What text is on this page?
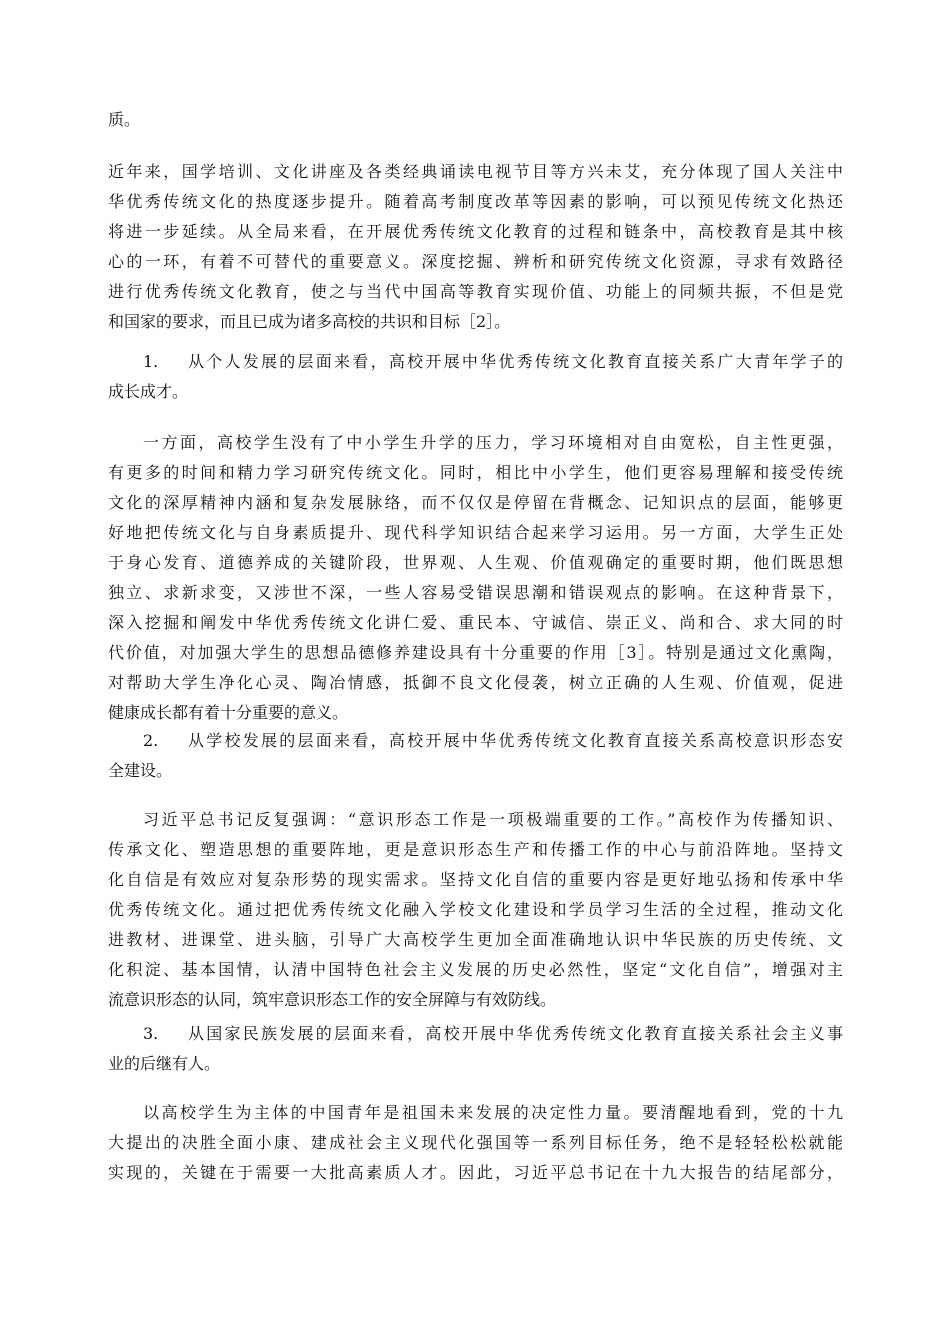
质。
近年来，国学培训、文化讲座及各类经典诵读电视节目等方兴未艾，充分体现了国人关注中
华优秀传统文化的热度逐步提升。随着高考制度改革等因素的影响，可以预见传统文化热还
将进一步延续。从全局来看，在开展优秀传统文化教育的过程和链条中，高校教育是其中核
心的一环，有着不可替代的重要意义。深度挖掘、辨析和研究传统文化资源，寻求有效路径
进行优秀传统文化教育，使之与当代中国高等教育实现价值、功能上的同频共振，不但是党
和国家的要求，而且已成为诸多高校的共识和目标［2］。
1.	从个人发展的层面来看，高校开展中华优秀传统文化教育直接关系广大青年学子的
成长成才。
一方面，高校学生没有了中小学生升学的压力，学习环境相对自由宽松，自主性更强，
有更多的时间和精力学习研究传统文化。同时，相比中小学生，他们更容易理解和接受传统
文化的深厚精神内涵和复杂发展脉络，而不仅仅是停留在背概念、记知识点的层面，能够更
好地把传统文化与自身素质提升、现代科学知识结合起来学习运用。另一方面，大学生正处
于身心发育、道德养成的关键阶段，世界观、人生观、价值观确定的重要时期，他们既思想
独立、求新求变，又涉世不深，一些人容易受错误思潮和错误观点的影响。在这种背景下，
深入挖掘和阐发中华优秀传统文化讲仁爱、重民本、守诚信、崇正义、尚和合、求大同的时
代价值，对加强大学生的思想品德修养建设具有十分重要的作用［3］。特别是通过文化熏陶，
对帮助大学生净化心灵、陶冶情感，抵御不良文化侵袭，树立正确的人生观、价值观，促进
健康成长都有着十分重要的意义。
2.	从学校发展的层面来看，高校开展中华优秀传统文化教育直接关系高校意识形态安
全建设。
习近平总书记反复强调：“意识形态工作是一项极端重要的工作。”高校作为传播知识、
传承文化、塑造思想的重要阵地，更是意识形态生产和传播工作的中心与前沿阵地。坚持文
化自信是有效应对复杂形势的现实需求。坚持文化自信的重要内容是更好地弘扬和传承中华
优秀传统文化。通过把优秀传统文化融入学校文化建设和学员学习生活的全过程，推动文化
进教材、进课堂、进头脑，引导广大高校学生更加全面准确地认识中华民族的历史传统、文
化积淀、基本国情，认清中国特色社会主义发展的历史必然性，坚定“文化自信”，增强对主
流意识形态的认同，筑牢意识形态工作的安全屏障与有效防线。
3.	从国家民族发展的层面来看，高校开展中华优秀传统文化教育直接关系社会主义事
业的后继有人。
以高校学生为主体的中国青年是祖国未来发展的决定性力量。要清醒地看到，党的十九
大提出的决胜全面小康、建成社会主义现代化强国等一系列目标任务，绝不是轻轻松松就能
实现的，关键在于需要一大批高素质人才。因此，习近平总书记在十九大报告的结尾部分，
